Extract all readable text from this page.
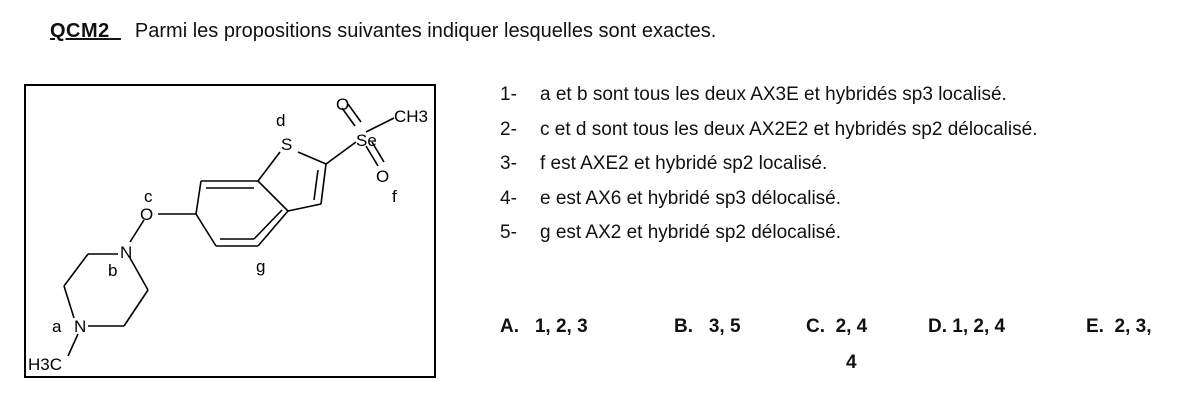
QCM2 Parmi les propositions suivantes indiquer lesquelles sont exactes.
d
S
O
CH3
Se
O
f
c
O
N
b	g
a N
H3C
1- a et b sont tous les deux AX3E et hybridés sp3 localisé.
2- c et d sont tous les deux AX2E2 et hybridés sp2 délocalisé.
3- f est AXE2 et hybridé sp2 localisé.
4- e est AX6 et hybridé sp3 délocalisé.
5- g est AX2 et hybridé sp2 délocalisé.
A. 1, 2, 3	B. 3, 5	C. 2, 4	D. 1, 2, 4	E. 2, 3,
4
